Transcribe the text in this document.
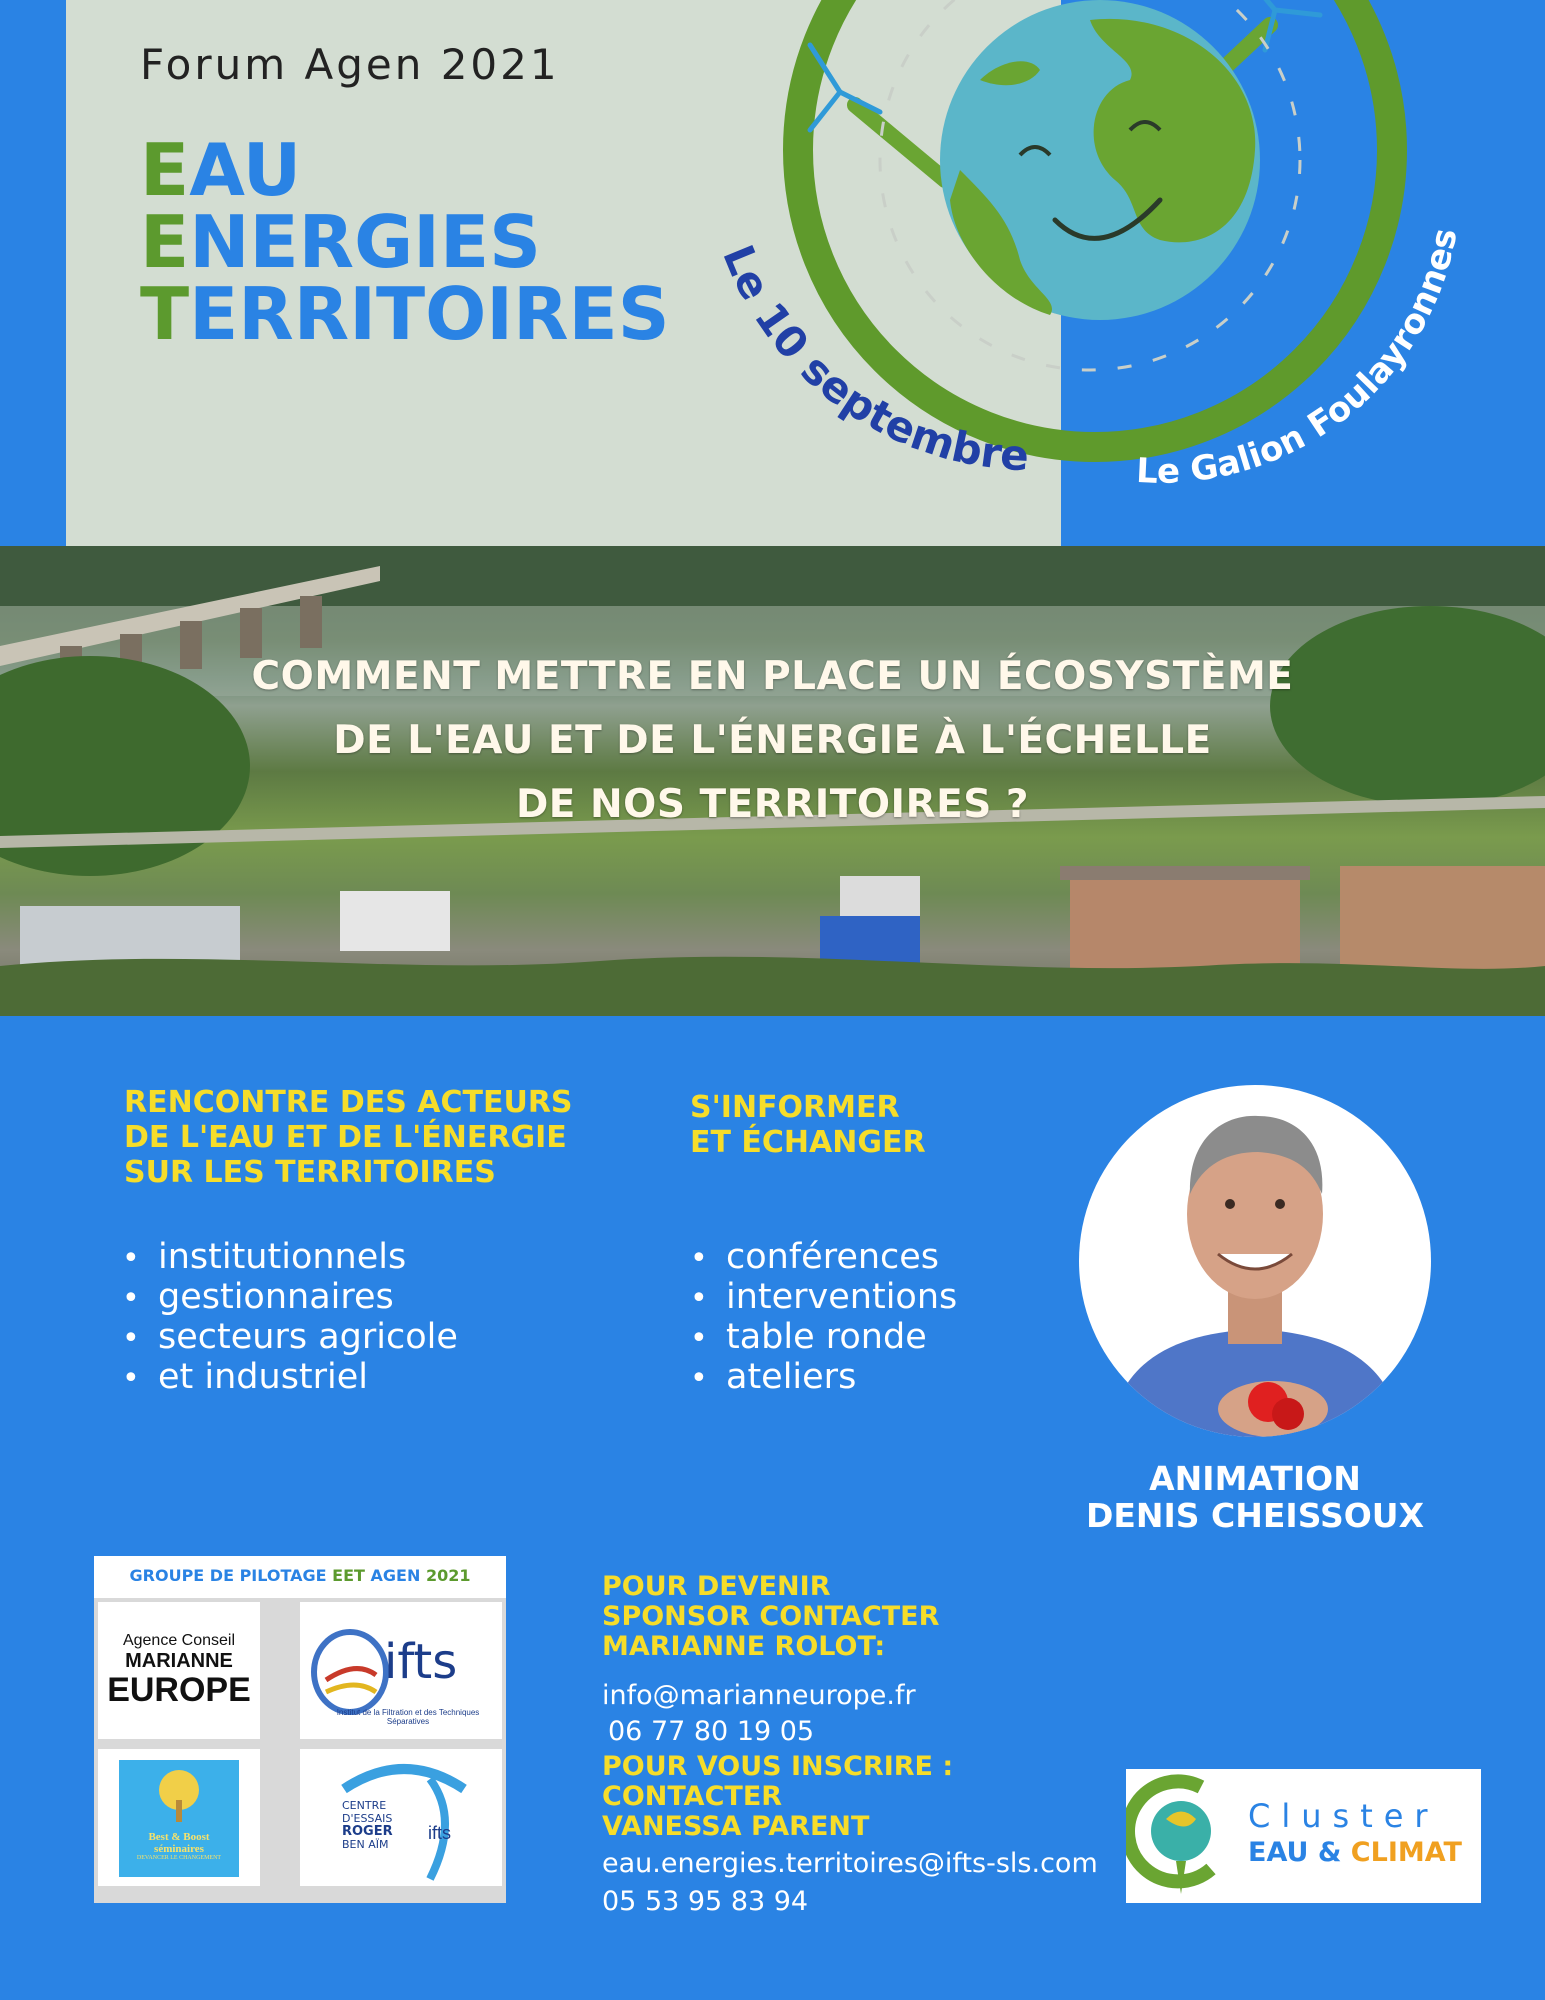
Forum Agen 2021
EAU
ENERGIES
TERRITOIRES
Le 10 septembre	Le Galion Foulayronnes
COMMENT METTRE EN PLACE UN ÉCOSYSTÈME
DE L'EAU ET DE L'ÉNERGIE À L'ÉCHELLE
DE NOS TERRITOIRES ?
RENCONTRE DES ACTEURS
DE L'EAU ET DE L'ÉNERGIE
SUR LES TERRITOIRES
• institutionnels
• gestionnaires
• secteurs agricole
• et industriel
S'INFORMER
ET ÉCHANGER
• conférences
• interventions
• table ronde
• ateliers
ANIMATION
DENIS CHEISSOUX
GROUPE DE PILOTAGE EET AGEN 2021
Agence Conseil
MARIANNE
EUROPE	ifts
Institut de la Filtration et des Techniques Séparatives
Best & Boost
séminaires
DEVANCER LE CHANGEMENT
CENTRE
D'ESSAIS
ROGER
BEN AÏM
ifts
POUR DEVENIR
SPONSOR CONTACTER
MARIANNE ROLOT:
info@marianneurope.fr
06 77 80 19 05
POUR VOUS INSCRIRE :
CONTACTER
VANESSA PARENT
eau.energies.territoires@ifts-sls.com
05 53 95 83 94
Cluster
EAU & CLIMAT
